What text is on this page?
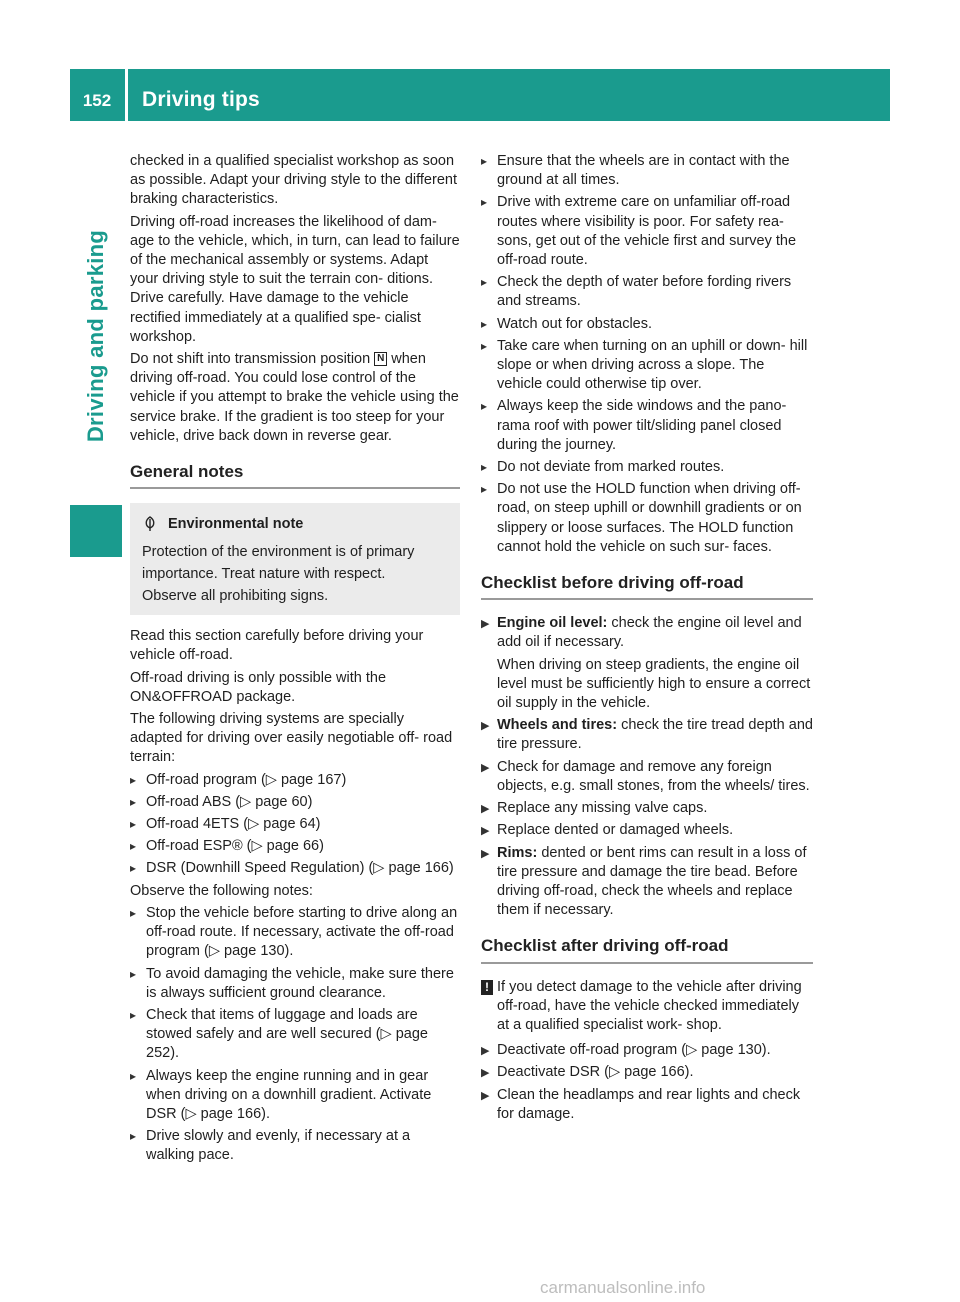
152	Driving tips
Driving and parking

checked in a qualified specialist workshop as soon as possible. Adapt your driving style to the different braking characteristics.

Driving off-road increases the likelihood of dam- age to the vehicle, which, in turn, can lead to failure of the mechanical assembly or systems. Adapt your driving style to suit the terrain con- ditions. Drive carefully. Have damage to the vehicle rectified immediately at a qualified spe- cialist workshop.

Do not shift into transmission position N when driving off-road. You could lose control of the vehicle if you attempt to brake the vehicle using the service brake. If the gradient is too steep for your vehicle, drive back down in reverse gear.

General notes
Environmental note
Protection of the environment is of primary importance. Treat nature with respect.
Observe all prohibiting signs.

Read this section carefully before driving your vehicle off-road.

Off-road driving is only possible with the ON&OFFROAD package.

The following driving systems are specially adapted for driving over easily negotiable off- road terrain:

▸ Off-road program (▷ page 167)
▸ Off-road ABS (▷ page 60)
▸ Off-road 4ETS (▷ page 64)
▸ Off-road ESP® (▷ page 66)
▸ DSR (Downhill Speed Regulation) (▷ page 166)

Observe the following notes:

▸ Stop the vehicle before starting to drive along an off-road route. If necessary, activate the off-road program (▷ page 130).
▸ To avoid damaging the vehicle, make sure there is always sufficient ground clearance.
▸ Check that items of luggage and loads are stowed safely and are well secured (▷ page 252).
▸ Always keep the engine running and in gear when driving on a downhill gradient. Activate DSR (▷ page 166).
▸ Drive slowly and evenly, if necessary at a walking pace.
▸ Ensure that the wheels are in contact with the ground at all times.
▸ Drive with extreme care on unfamiliar off-road routes where visibility is poor. For safety rea- sons, get out of the vehicle first and survey the off-road route.
▸ Check the depth of water before fording rivers and streams.
▸ Watch out for obstacles.
▸ Take care when turning on an uphill or down- hill slope or when driving across a slope. The vehicle could otherwise tip over.
▸ Always keep the side windows and the pano- rama roof with power tilt/sliding panel closed during the journey.
▸ Do not deviate from marked routes.
▸ Do not use the HOLD function when driving off-road, on steep uphill or downhill gradients or on slippery or loose surfaces. The HOLD function cannot hold the vehicle on such sur- faces.
Checklist before driving off-road
▶ Engine oil level: check the engine oil level and add oil if necessary.
When driving on steep gradients, the engine oil level must be sufficiently high to ensure a correct oil supply in the vehicle.
▶ Wheels and tires: check the tire tread depth and tire pressure.
▶ Check for damage and remove any foreign objects, e.g. small stones, from the wheels/ tires.
▶ Replace any missing valve caps.
▶ Replace dented or damaged wheels.
▶ Rims: dented or bent rims can result in a loss of tire pressure and damage the tire bead. Before driving off-road, check the wheels and replace them if necessary.
Checklist after driving off-road
! If you detect damage to the vehicle after driving off-road, have the vehicle checked immediately at a qualified specialist work- shop.
▶ Deactivate off-road program (▷ page 130).
▶ Deactivate DSR (▷ page 166).
▶ Clean the headlamps and rear lights and check for damage.
carmanualsonline.info
